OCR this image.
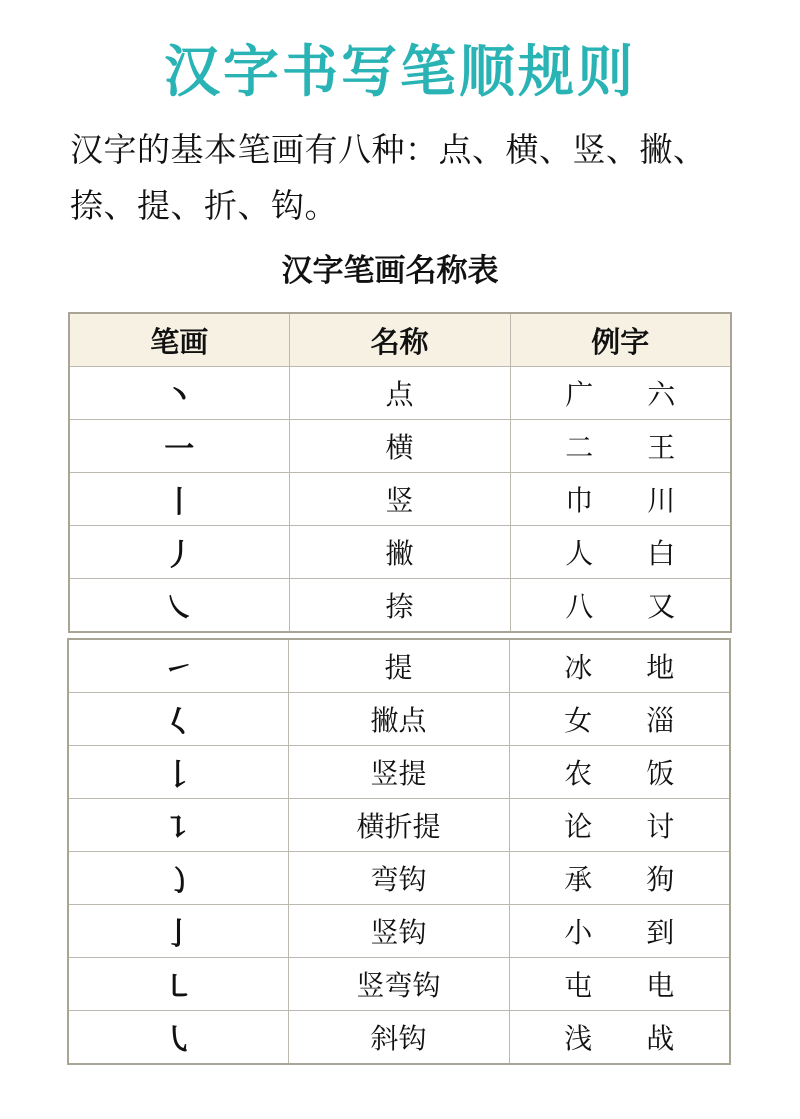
汉字书写笔顺规则
汉字的基本笔画有八种：点、横、竖、撇、捺、提、折、钩。
汉字笔画名称表
笔画	名称	例字
丶	点	广 六

一	横	二 王

丨	竖	巾 川

丿	撇	人 白

㇏	捺	八 又
㇀	提	冰 地

𡿨	撇点	女 淄

𠄌	竖提	农 饭

㇊	横折提	论 讨

㇁	弯钩	承 狗

亅	竖钩	小 到

㇄	竖弯钩	屯 电

㇂	斜钩	浅 战
